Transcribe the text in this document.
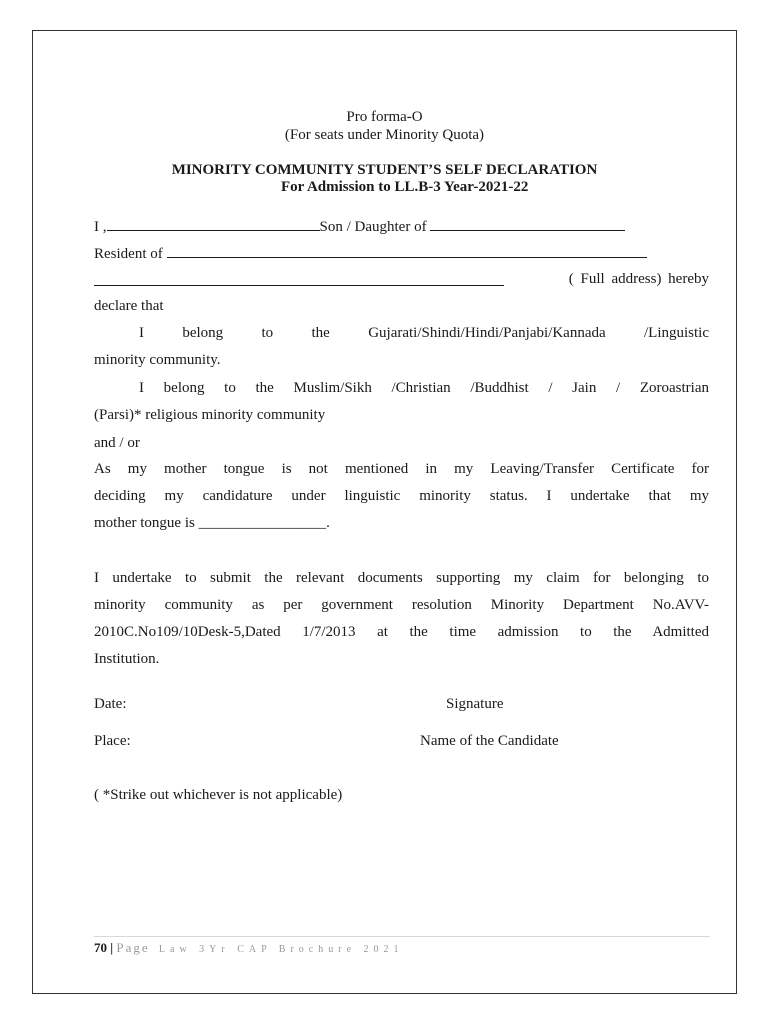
Pro forma-O
(For seats under Minority Quota)
MINORITY COMMUNITY STUDENT’S SELF DECLARATION
For Admission to LL.B-3 Year-2021-22
I ,	Son / Daughter of
Resident of
( Full address) hereby
declare that
I belong to the Gujarati/Shindi/Hindi/Panjabi/Kannada /Linguistic
minority community.
I belong to the Muslim/Sikh /Christian /Buddhist / Jain / Zoroastrian
(Parsi)* religious minority community
and / or
As my mother tongue is not mentioned in my Leaving/Transfer Certificate for
deciding my candidature under linguistic minority status. I undertake that my
mother tongue is _________________.
I undertake to submit the relevant documents supporting my claim for belonging to
minority community as per government resolution Minority Department No.AVV-
2010C.No109/10Desk-5,Dated 1/7/2013 at the time admission to the Admitted
Institution.
Date:	Signature
Place:	Name of the Candidate
( *Strike out whichever is not applicable)
70 | Page Law 3Yr CAP Brochure 2021
